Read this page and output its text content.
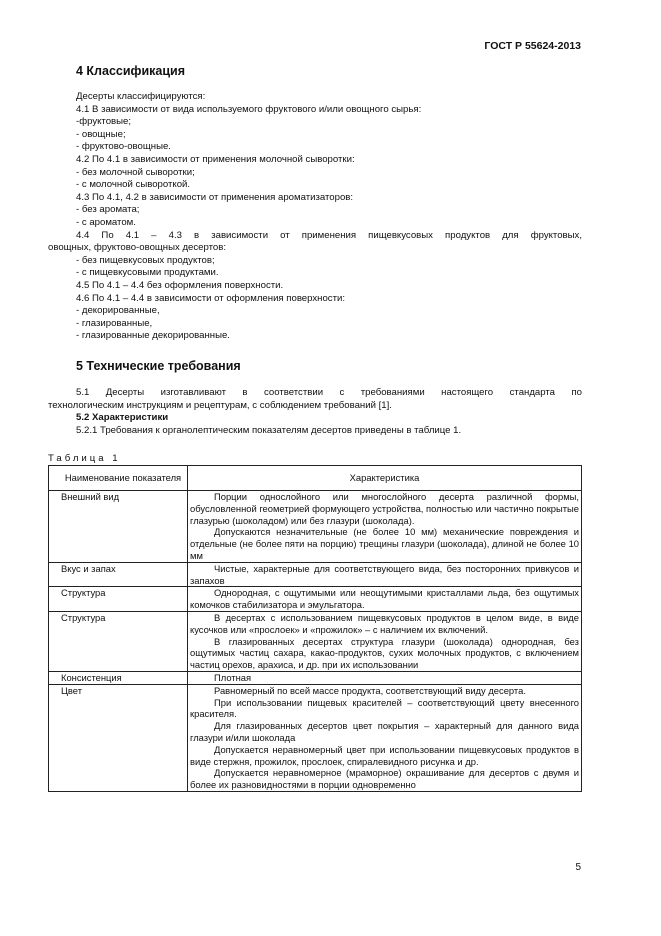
ГОСТ Р 55624-2013
4 Классификация
Десерты классифицируются:
4.1 В зависимости от вида используемого фруктового и/или овощного сырья:
-фруктовые;
- овощные;
- фруктово-овощные.
4.2 По 4.1 в зависимости от применения молочной сыворотки:
- без молочной сыворотки;
- с молочной сывороткой.
4.3 По 4.1, 4.2 в зависимости от применения ароматизаторов:
- без аромата;
- с ароматом.
4.4 По 4.1 – 4.3 в зависимости от применения пищевкусовых продуктов для фруктовых,
овощных, фруктово-овощных десертов:
- без пищевкусовых продуктов;
- с пищевкусовыми продуктами.
4.5 По 4.1 – 4.4 без оформления поверхности.
4.6 По 4.1 – 4.4 в зависимости от оформления поверхности:
- декорированные,
- глазированные,
- глазированные декорированные.
5 Технические требования
5.1 Десерты изготавливают в соответствии с требованиями настоящего стандарта по
технологическим инструкциям и рецептурам, с соблюдением требований [1].
5.2 Характеристики
5.2.1 Требования к органолептическим показателям десертов приведены в таблице 1.
Таблица 1
Наименование показателя	Характеристика
Внешний вид	Порции однослойного или многослойного десерта различной формы, обусловленной геометрией формующего устройства, полностью или частично покрытые глазурью (шоколадом) или без глазури (шоколада).
Допускаются незначительные (не более 10 мм) механические повреждения и отдельные (не более пяти на порцию) трещины глазури (шоколада), длиной не более 10 мм

Вкус и запах	Чистые, характерные для соответствующего вида, без посторонних привкусов и запахов

Структура	Однородная, с ощутимыми или неощутимыми кристаллами льда, без ощутимых комочков стабилизатора и эмульгатора.

Структура	В десертах с использованием пищевкусовых продуктов в целом виде, в виде кусочков или «прослоек» и «прожилок» – с наличием их включений.
В глазированных десертах структура глазури (шоколада) однородная, без ощутимых частиц сахара, какао-продуктов, сухих молочных продуктов, с включением частиц орехов, арахиса, и др. при их использовании

Консистенция	Плотная

Цвет	Равномерный по всей массе продукта, соответствующий виду десерта.
При использовании пищевых красителей – соответствующий цвету внесенного красителя.
Для глазированных десертов цвет покрытия – характерный для данного вида глазури и/или шоколада
Допускается неравномерный цвет при использовании пищевкусовых продуктов в виде стержня, прожилок, прослоек, спиралевидного рисунка и др.
Допускается неравномерное (мраморное) окрашивание для десертов с двумя и более их разновидностями в порции одновременно
5
